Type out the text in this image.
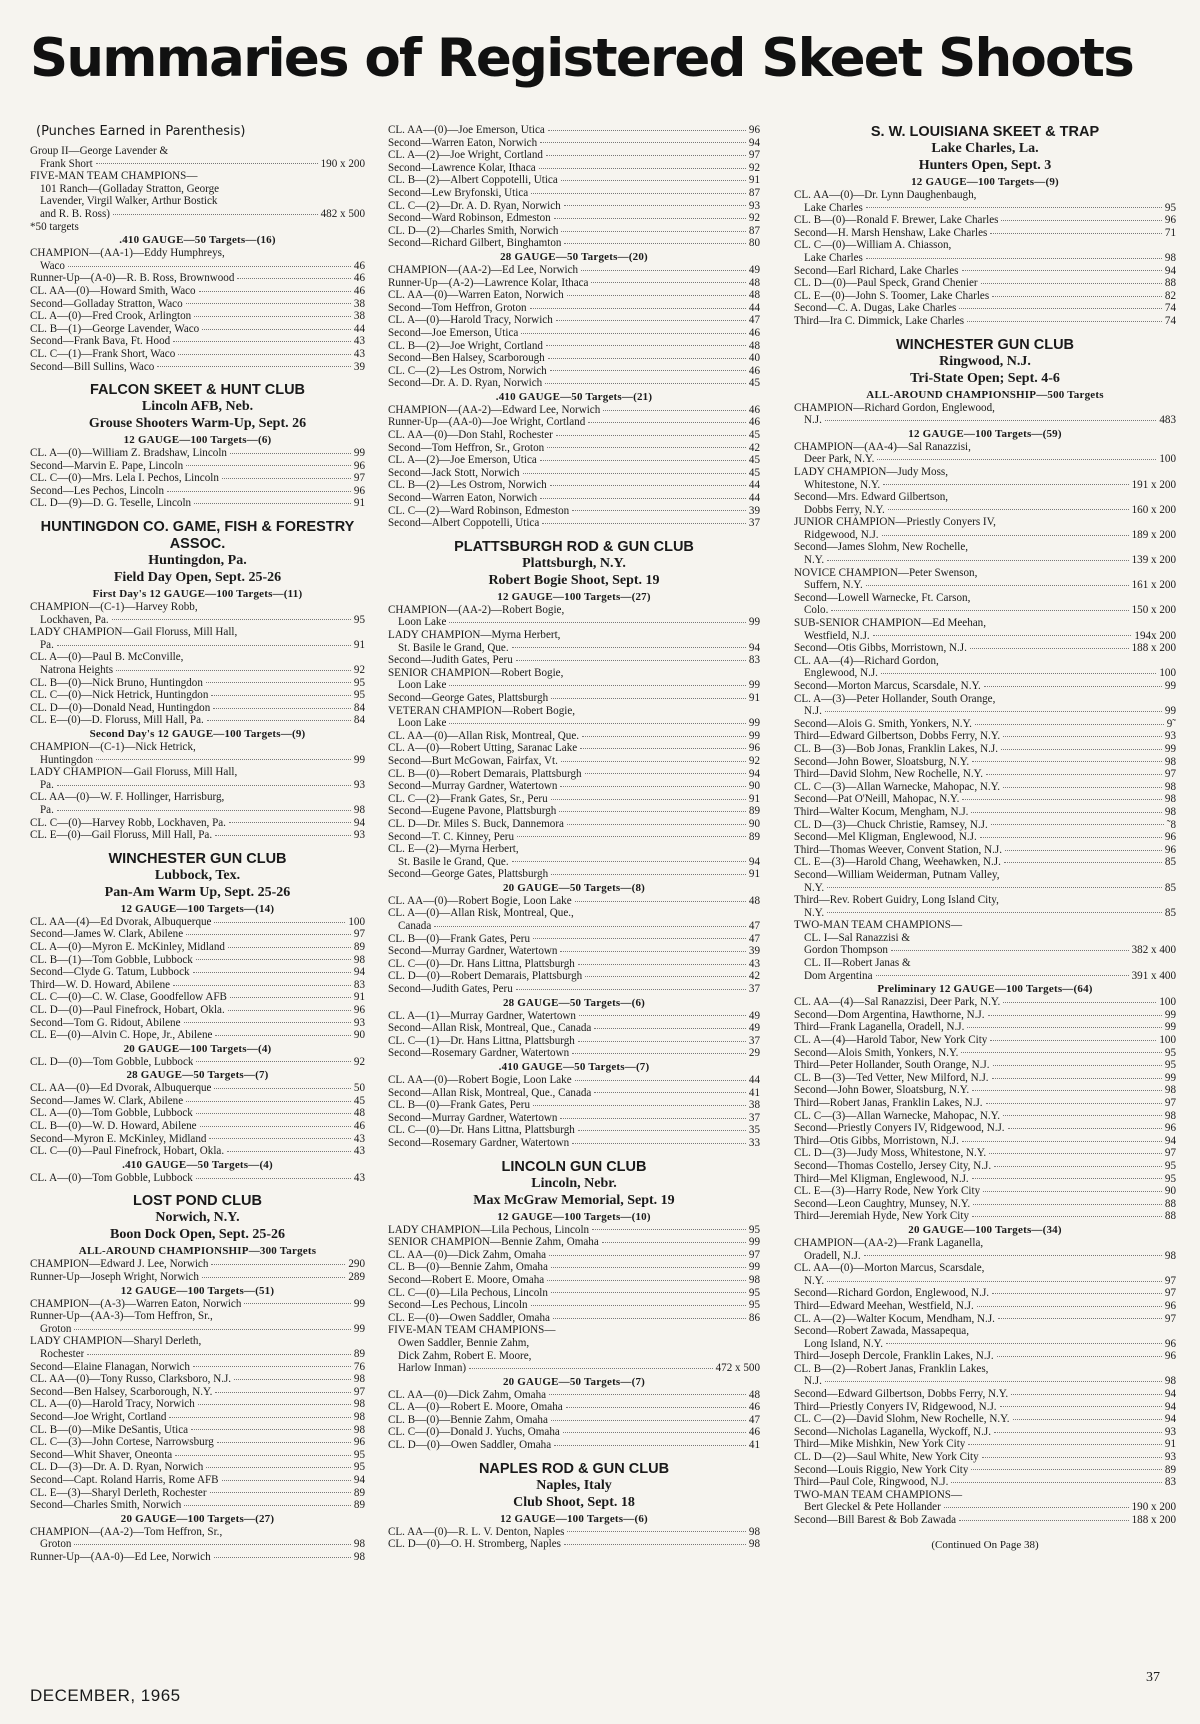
Summaries of Registered Skeet Shoots
(Punches Earned in Parenthesis)
Group II—George Lavender &
Frank Short	190 x 200
FIVE-MAN TEAM CHAMPIONS—
101 Ranch—(Golladay Stratton, George
Lavender, Virgil Walker, Arthur Bostick
and R. B. Ross)	482 x 500
*50 targets
.410 GAUGE—50 Targets—(16)
CHAMPION—(AA-1)—Eddy Humphreys,
Waco	46
Runner-Up—(A-0)—R. B. Ross, Brownwood	46
CL. AA—(0)—Howard Smith, Waco	46
Second—Golladay Stratton, Waco	38
CL. A—(0)—Fred Crook, Arlington	38
CL. B—(1)—George Lavender, Waco	44
Second—Frank Bava, Ft. Hood	43
CL. C—(1)—Frank Short, Waco	43
Second—Bill Sullins, Waco	39
FALCON SKEET & HUNT CLUB
Lincoln AFB, Neb.
Grouse Shooters Warm-Up, Sept. 26
12 GAUGE—100 Targets—(6)
CL. A—(0)—William Z. Bradshaw, Lincoln	99
Second—Marvin E. Pape, Lincoln	96
CL. C—(0)—Mrs. Lela I. Pechos, Lincoln	97
Second—Les Pechos, Lincoln	96
CL. D—(9)—D. G. Teselle, Lincoln	91
HUNTINGDON CO. GAME, FISH & FORESTRY ASSOC.
Huntingdon, Pa.
Field Day Open, Sept. 25-26
First Day's 12 GAUGE—100 Targets—(11)
CHAMPION—(C-1)—Harvey Robb,
Lockhaven, Pa.	95
LADY CHAMPION—Gail Floruss, Mill Hall,
Pa.	91
CL. A—(0)—Paul B. McConville,
Natrona Heights	92
CL. B—(0)—Nick Bruno, Huntingdon	95
CL. C—(0)—Nick Hetrick, Huntingdon	95
CL. D—(0)—Donald Nead, Huntingdon	84
CL. E—(0)—D. Floruss, Mill Hall, Pa.	84
Second Day's 12 GAUGE—100 Targets—(9)
CHAMPION—(C-1)—Nick Hetrick,
Huntingdon	99
LADY CHAMPION—Gail Floruss, Mill Hall,
Pa.	93
CL. AA—(0)—W. F. Hollinger, Harrisburg,
Pa.	98
CL. C—(0)—Harvey Robb, Lockhaven, Pa.	94
CL. E—(0)—Gail Floruss, Mill Hall, Pa.	93
WINCHESTER GUN CLUB
Lubbock, Tex.
Pan-Am Warm Up, Sept. 25-26
12 GAUGE—100 Targets—(14)
CL. AA—(4)—Ed Dvorak, Albuquerque	100
Second—James W. Clark, Abilene	97
CL. A—(0)—Myron E. McKinley, Midland	89
CL. B—(1)—Tom Gobble, Lubbock	98
Second—Clyde G. Tatum, Lubbock	94
Third—W. D. Howard, Abilene	83
CL. C—(0)—C. W. Clase, Goodfellow AFB	91
CL. D—(0)—Paul Finefrock, Hobart, Okla.	96
Second—Tom G. Ridout, Abilene	93
CL. E—(0)—Alvin C. Hope, Jr., Abilene	90
20 GAUGE—100 Targets—(4)
CL. D—(0)—Tom Gobble, Lubbock	92
28 GAUGE—50 Targets—(7)
CL. AA—(0)—Ed Dvorak, Albuquerque	50
Second—James W. Clark, Abilene	45
CL. A—(0)—Tom Gobble, Lubbock	48
CL. B—(0)—W. D. Howard, Abilene	46
Second—Myron E. McKinley, Midland	43
CL. C—(0)—Paul Finefrock, Hobart, Okla.	43
.410 GAUGE—50 Targets—(4)
CL. A—(0)—Tom Gobble, Lubbock	43
LOST POND CLUB
Norwich, N.Y.
Boon Dock Open, Sept. 25-26
ALL-AROUND CHAMPIONSHIP—300 Targets
CHAMPION—Edward J. Lee, Norwich	290
Runner-Up—Joseph Wright, Norwich	289
12 GAUGE—100 Targets—(51)
CHAMPION—(A-3)—Warren Eaton, Norwich	99
Runner-Up—(AA-3)—Tom Heffron, Sr.,
Groton	99
LADY CHAMPION—Sharyl Derleth,
Rochester	89
Second—Elaine Flanagan, Norwich	76
CL. AA—(0)—Tony Russo, Clarksboro, N.J.	98
Second—Ben Halsey, Scarborough, N.Y.	97
CL. A—(0)—Harold Tracy, Norwich	98
Second—Joe Wright, Cortland	98
CL. B—(0)—Mike DeSantis, Utica	98
CL. C—(3)—John Cortese, Narrowsburg	96
Second—Whit Shaver, Oneonta	95
CL. D—(3)—Dr. A. D. Ryan, Norwich	95
Second—Capt. Roland Harris, Rome AFB	94
CL. E—(3)—Sharyl Derleth, Rochester	89
Second—Charles Smith, Norwich	89
20 GAUGE—100 Targets—(27)
CHAMPION—(AA-2)—Tom Heffron, Sr.,
Groton	98
Runner-Up—(AA-0)—Ed Lee, Norwich	98
CL. AA—(0)—Joe Emerson, Utica	96
Second—Warren Eaton, Norwich	94
CL. A—(2)—Joe Wright, Cortland	97
Second—Lawrence Kolar, Ithaca	92
CL. B—(2)—Albert Coppotelli, Utica	91
Second—Lew Bryfonski, Utica	87
CL. C—(2)—Dr. A. D. Ryan, Norwich	93
Second—Ward Robinson, Edmeston	92
CL. D—(2)—Charles Smith, Norwich	87
Second—Richard Gilbert, Binghamton	80
28 GAUGE—50 Targets—(20)
CHAMPION—(AA-2)—Ed Lee, Norwich	49
Runner-Up—(A-2)—Lawrence Kolar, Ithaca	48
CL. AA—(0)—Warren Eaton, Norwich	48
Second—Tom Heffron, Groton	44
CL. A—(0)—Harold Tracy, Norwich	47
Second—Joe Emerson, Utica	46
CL. B—(2)—Joe Wright, Cortland	48
Second—Ben Halsey, Scarborough	40
CL. C—(2)—Les Ostrom, Norwich	46
Second—Dr. A. D. Ryan, Norwich	45
.410 GAUGE—50 Targets—(21)
CHAMPION—(AA-2)—Edward Lee, Norwich	46
Runner-Up—(AA-0)—Joe Wright, Cortland	46
CL. AA—(0)—Don Stahl, Rochester	45
Second—Tom Heffron, Sr., Groton	42
CL. A—(2)—Joe Emerson, Utica	45
Second—Jack Stott, Norwich	45
CL. B—(2)—Les Ostrom, Norwich	44
Second—Warren Eaton, Norwich	44
CL. C—(2)—Ward Robinson, Edmeston	39
Second—Albert Coppotelli, Utica	37
PLATTSBURGH ROD & GUN CLUB
Plattsburgh, N.Y.
Robert Bogie Shoot, Sept. 19
12 GAUGE—100 Targets—(27)
CHAMPION—(AA-2)—Robert Bogie,
Loon Lake	99
LADY CHAMPION—Myrna Herbert,
St. Basile le Grand, Que.	94
Second—Judith Gates, Peru	83
SENIOR CHAMPION—Robert Bogie,
Loon Lake	99
Second—George Gates, Plattsburgh	91
VETERAN CHAMPION—Robert Bogie,
Loon Lake	99
CL. AA—(0)—Allan Risk, Montreal, Que.	99
CL. A—(0)—Robert Utting, Saranac Lake	96
Second—Burt McGowan, Fairfax, Vt.	92
CL. B—(0)—Robert Demarais, Plattsburgh	94
Second—Murray Gardner, Watertown	90
CL. C—(2)—Frank Gates, Sr., Peru	91
Second—Eugene Pavone, Plattsburgh	89
CL. D—Dr. Miles S. Buck, Dannemora	90
Second—T. C. Kinney, Peru	89
CL. E—(2)—Myrna Herbert,
St. Basile le Grand, Que.	94
Second—George Gates, Plattsburgh	91
20 GAUGE—50 Targets—(8)
CL. AA—(0)—Robert Bogie, Loon Lake	48
CL. A—(0)—Allan Risk, Montreal, Que.,
Canada	47
CL. B—(0)—Frank Gates, Peru	47
Second—Murray Gardner, Watertown	39
CL. C—(0)—Dr. Hans Littna, Plattsburgh	43
CL. D—(0)—Robert Demarais, Plattsburgh	42
Second—Judith Gates, Peru	37
28 GAUGE—50 Targets—(6)
CL. A—(1)—Murray Gardner, Watertown	49
Second—Allan Risk, Montreal, Que., Canada	49
CL. C—(1)—Dr. Hans Littna, Plattsburgh	37
Second—Rosemary Gardner, Watertown	29
.410 GAUGE—50 Targets—(7)
CL. AA—(0)—Robert Bogie, Loon Lake	44
Second—Allan Risk, Montreal, Que., Canada	41
CL. B—(0)—Frank Gates, Peru	38
Second—Murray Gardner, Watertown	37
CL. C—(0)—Dr. Hans Littna, Plattsburgh	35
Second—Rosemary Gardner, Watertown	33
LINCOLN GUN CLUB
Lincoln, Nebr.
Max McGraw Memorial, Sept. 19
12 GAUGE—100 Targets—(10)
LADY CHAMPION—Lila Pechous, Lincoln	95
SENIOR CHAMPION—Bennie Zahm, Omaha	99
CL. AA—(0)—Dick Zahm, Omaha	97
CL. B—(0)—Bennie Zahm, Omaha	99
Second—Robert E. Moore, Omaha	98
CL. C—(0)—Lila Pechous, Lincoln	95
Second—Les Pechous, Lincoln	95
CL. E—(0)—Owen Saddler, Omaha	86
FIVE-MAN TEAM CHAMPIONS—
Owen Saddler, Bennie Zahm,
Dick Zahm, Robert E. Moore,
Harlow Inman)	472 x 500
20 GAUGE—50 Targets—(7)
CL. AA—(0)—Dick Zahm, Omaha	48
CL. A—(0)—Robert E. Moore, Omaha	46
CL. B—(0)—Bennie Zahm, Omaha	47
CL. C—(0)—Donald J. Yuchs, Omaha	46
CL. D—(0)—Owen Saddler, Omaha	41
NAPLES ROD & GUN CLUB
Naples, Italy
Club Shoot, Sept. 18
12 GAUGE—100 Targets—(6)
CL. AA—(0)—R. L. V. Denton, Naples	98
CL. D—(0)—O. H. Stromberg, Naples	98
S. W. LOUISIANA SKEET & TRAP
Lake Charles, La.
Hunters Open, Sept. 3
12 GAUGE—100 Targets—(9)
CL. AA—(0)—Dr. Lynn Daughenbaugh,
Lake Charles	95
CL. B—(0)—Ronald F. Brewer, Lake Charles	96
Second—H. Marsh Henshaw, Lake Charles	71
CL. C—(0)—William A. Chiasson,
Lake Charles	98
Second—Earl Richard, Lake Charles	94
CL. D—(0)—Paul Speck, Grand Chenier	88
CL. E—(0)—John S. Toomer, Lake Charles	82
Second—C. A. Dugas, Lake Charles	74
Third—Ira C. Dimmick, Lake Charles	74
WINCHESTER GUN CLUB
Ringwood, N.J.
Tri-State Open; Sept. 4-6
ALL-AROUND CHAMPIONSHIP—500 Targets
CHAMPION—Richard Gordon, Englewood,
N.J.	483
12 GAUGE—100 Targets—(59)
CHAMPION—(AA-4)—Sal Ranazzisi,
Deer Park, N.Y.	100
LADY CHAMPION—Judy Moss,
Whitestone, N.Y.	191 x 200
Second—Mrs. Edward Gilbertson,
Dobbs Ferry, N.Y.	160 x 200
JUNIOR CHAMPION—Priestly Conyers IV,
Ridgewood, N.J.	189 x 200
Second—James Slohm, New Rochelle,
N.Y.	139 x 200
NOVICE CHAMPION—Peter Swenson,
Suffern, N.Y.	161 x 200
Second—Lowell Warnecke, Ft. Carson,
Colo.	150 x 200
SUB-SENIOR CHAMPION—Ed Meehan,
Westfield, N.J.	194x 200
Second—Otis Gibbs, Morristown, N.J.	188 x 200
CL. AA—(4)—Richard Gordon,
Englewood, N.J.	100
Second—Morton Marcus, Scarsdale, N.Y.	99
CL. A—(3)—Peter Hollander, South Orange,
N.J.	99
Second—Alois G. Smith, Yonkers, N.Y.	9˜
Third—Edward Gilbertson, Dobbs Ferry, N.Y.	93
CL. B—(3)—Bob Jonas, Franklin Lakes, N.J.	99
Second—John Bower, Sloatsburg, N.Y.	98
Third—David Slohm, New Rochelle, N.Y.	97
CL. C—(3)—Allan Warnecke, Mahopac, N.Y.	98
Second—Pat O'Neill, Mahopac, N.Y.	98
Third—Walter Kocum, Mengham, N.J.	98
CL. D—(3)—Chuck Christie, Ramsey, N.J.	˜8
Second—Mel Kligman, Englewood, N.J.	96
Third—Thomas Weever, Convent Station, N.J.	96
CL. E—(3)—Harold Chang, Weehawken, N.J.	85
Second—William Weiderman, Putnam Valley,
N.Y.	85
Third—Rev. Robert Guidry, Long Island City,
N.Y.	85
TWO-MAN TEAM CHAMPIONS—
CL. I—Sal Ranazzisi &
Gordon Thompson	382 x 400
CL. II—Robert Janas &
Dom Argentina	391 x 400
Preliminary 12 GAUGE—100 Targets—(64)
CL. AA—(4)—Sal Ranazzisi, Deer Park, N.Y.	100
Second—Dom Argentina, Hawthorne, N.J.	99
Third—Frank Laganella, Oradell, N.J.	99
CL. A—(4)—Harold Tabor, New York City	100
Second—Alois Smith, Yonkers, N.Y.	95
Third—Peter Hollander, South Orange, N.J.	95
CL. B—(3)—Ted Vetter, New Milford, N.J.	99
Second—John Bower, Sloatsburg, N.Y.	98
Third—Robert Janas, Franklin Lakes, N.J.	97
CL. C—(3)—Allan Warnecke, Mahopac, N.Y.	98
Second—Priestly Conyers IV, Ridgewood, N.J.	96
Third—Otis Gibbs, Morristown, N.J.	94
CL. D—(3)—Judy Moss, Whitestone, N.Y.	97
Second—Thomas Costello, Jersey City, N.J.	95
Third—Mel Kligman, Englewood, N.J.	95
CL. E—(3)—Harry Rode, New York City	90
Second—Leon Caughtry, Munsey, N.Y.	88
Third—Jeremiah Hyde, New York City	88
20 GAUGE—100 Targets—(34)
CHAMPION—(AA-2)—Frank Laganella,
Oradell, N.J.	98
CL. AA—(0)—Morton Marcus, Scarsdale,
N.Y.	97
Second—Richard Gordon, Englewood, N.J.	97
Third—Edward Meehan, Westfield, N.J.	96
CL. A—(2)—Walter Kocum, Mendham, N.J.	97
Second—Robert Zawada, Massapequa,
Long Island, N.Y.	96
Third—Joseph Dercole, Franklin Lakes, N.J.	96
CL. B—(2)—Robert Janas, Franklin Lakes,
N.J.	98
Second—Edward Gilbertson, Dobbs Ferry, N.Y.	94
Third—Priestly Conyers IV, Ridgewood, N.J.	94
CL. C—(2)—David Slohm, New Rochelle, N.Y.	94
Second—Nicholas Laganella, Wyckoff, N.J.	93
Third—Mike Mishkin, New York City	91
CL. D—(2)—Saul White, New York City	93
Second—Louis Riggio, New York City	89
Third—Paul Cole, Ringwood, N.J.	83
TWO-MAN TEAM CHAMPIONS—
Bert Gleckel & Pete Hollander	190 x 200
Second—Bill Barest & Bob Zawada	188 x 200
(Continued On Page 38)
DECEMBER, 1965
37
